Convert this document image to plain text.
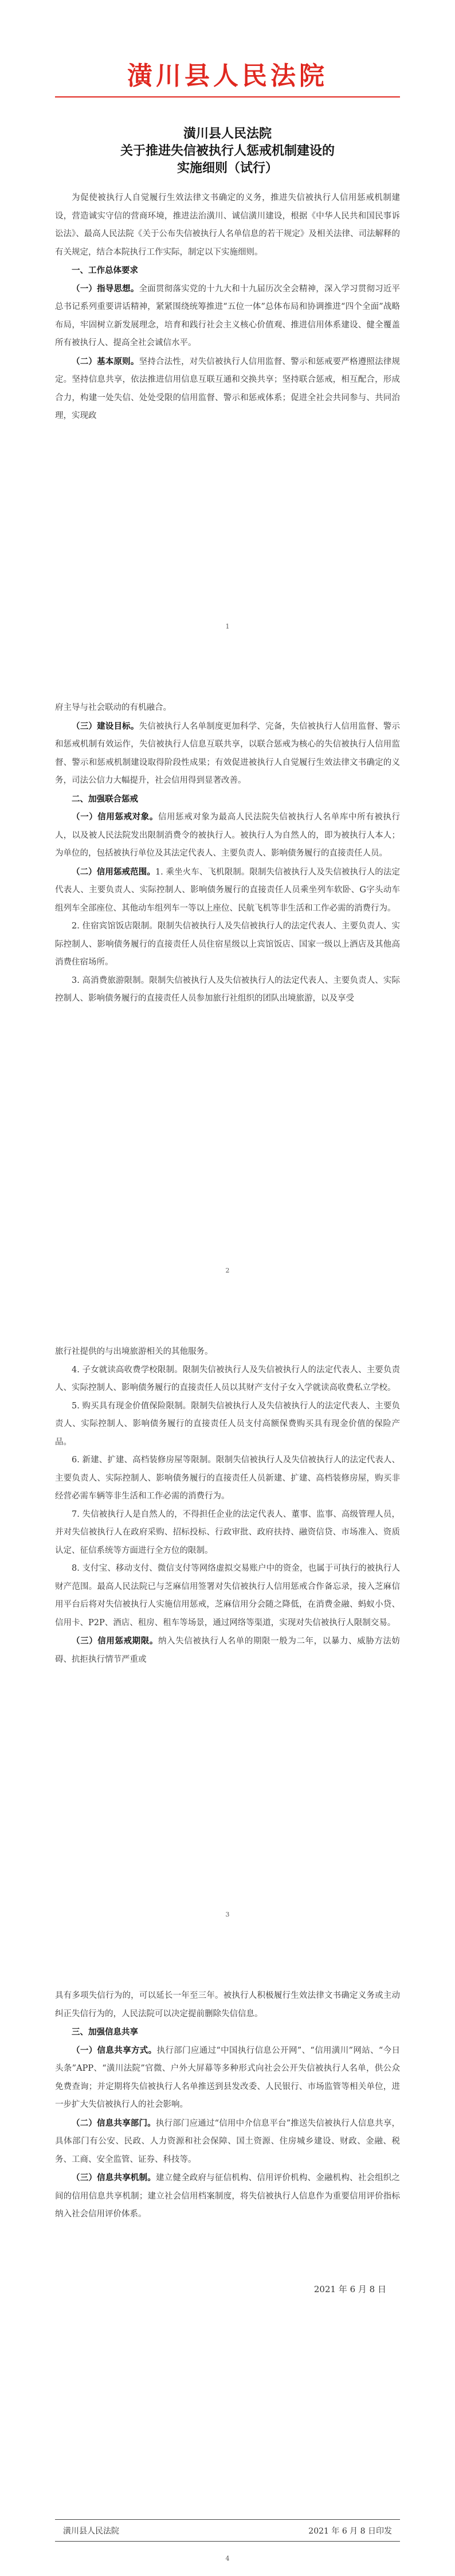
潢川县人民法院
潢川县人民法院
关于推进失信被执行人惩戒机制建设的
实施细则（试行）

为促使被执行人自觉履行生效法律文书确定的义务，推进失信被执行人信用惩戒机制建设，营造诚实守信的营商环境，推进法治潢川、诚信潢川建设，根据《中华人民共和国民事诉讼法》、最高人民法院《关于公布失信被执行人名单信息的若干规定》及相关法律、司法解释的有关规定，结合本院执行工作实际，制定以下实施细则。

一、工作总体要求

（一）指导思想。全面贯彻落实党的十九大和十九届历次全会精神，深入学习贯彻习近平总书记系列重要讲话精神，紧紧围绕统筹推进“五位一体”总体布局和协调推进“四个全面”战略布局，牢固树立新发展理念，培育和践行社会主义核心价值观、推进信用体系建设、健全覆盖所有被执行人、提高全社会诚信水平。

（二）基本原则。坚持合法性，对失信被执行人信用监督、警示和惩戒要严格遵照法律规定。坚持信息共享，依法推进信用信息互联互通和交换共享；坚持联合惩戒，相互配合，形成合力，构建一处失信、处处受限的信用监督、警示和惩戒体系；促进全社会共同参与、共同治理，实现政

1

府主导与社会联动的有机融合。

（三）建设目标。失信被执行人名单制度更加科学、完备，失信被执行人信用监督、警示和惩戒机制有效运作，失信被执行人信息互联共享，以联合惩戒为核心的失信被执行人信用监督、警示和惩戒机制建设取得阶段性成果；有效促进被执行人自觉履行生效法律文书确定的义务，司法公信力大幅提升，社会信用得到显著改善。

二、加强联合惩戒

（一）信用惩戒对象。信用惩戒对象为最高人民法院失信被执行人名单库中所有被执行人，以及被人民法院发出限制消费令的被执行人。被执行人为自然人的，即为被执行人本人；为单位的，包括被执行单位及其法定代表人、主要负责人、影响债务履行的直接责任人员。

（二）信用惩戒范围。1. 乘坐火车、飞机限制。限制失信被执行人及失信被执行人的法定代表人、主要负责人、实际控制人、影响债务履行的直接责任人员乘坐列车软卧、G字头动车组列车全部座位、其他动车组列车一等以上座位、民航飞机等非生活和工作必需的消费行为。

2. 住宿宾馆饭店限制。限制失信被执行人及失信被执行人的法定代表人、主要负责人、实际控制人、影响债务履行的直接责任人员住宿星级以上宾馆饭店、国家一级以上酒店及其他高消费住宿场所。

3. 高消费旅游限制。限制失信被执行人及失信被执行人的法定代表人、主要负责人、实际控制人、影响债务履行的直接责任人员参加旅行社组织的团队出境旅游，以及享受

2

旅行社提供的与出境旅游相关的其他服务。

4. 子女就读高收费学校限制。限制失信被执行人及失信被执行人的法定代表人、主要负责人、实际控制人、影响债务履行的直接责任人员以其财产支付子女入学就读高收费私立学校。

5. 购买具有现金价值保险限制。限制失信被执行人及失信被执行人的法定代表人、主要负责人、实际控制人、影响债务履行的直接责任人员支付高额保费购买具有现金价值的保险产品。

6. 新建、扩建、高档装修房屋等限制。限制失信被执行人及失信被执行人的法定代表人、主要负责人、实际控制人、影响债务履行的直接责任人员新建、扩建、高档装修房屋，购买非经营必需车辆等非生活和工作必需的消费行为。

7. 失信被执行人是自然人的，不得担任企业的法定代表人、董事、监事、高级管理人员，并对失信被执行人在政府采购、招标投标、行政审批、政府扶持、融资信贷、市场准入、资质认定、征信系统等方面进行全方位的限制。

8. 支付宝、移动支付、微信支付等网络虚拟交易账户中的资金，也属于可执行的被执行人财产范围。最高人民法院已与芝麻信用签署对失信被执行人信用惩戒合作备忘录，接入芝麻信用平台后将对失信被执行人实施信用惩戒，芝麻信用分会随之降低，在消费金融、蚂蚁小贷、信用卡、P2P、酒店、租房、租车等场景，通过网络等渠道，实现对失信被执行人限制交易。

（三）信用惩戒期限。纳入失信被执行人名单的期限一般为二年，以暴力、威胁方法妨碍、抗拒执行情节严重或

3

具有多项失信行为的，可以延长一年至三年。被执行人积极履行生效法律文书确定义务或主动纠正失信行为的，人民法院可以决定提前删除失信信息。

三、加强信息共享

（一）信息共享方式。执行部门应通过“中国执行信息公开网”、“信用潢川”网站、“今日头条”APP、“潢川法院”官微、户外大屏幕等多种形式向社会公开失信被执行人名单，供公众免费查询；并定期将失信被执行人名单推送到县发改委、人民银行、市场监管等相关单位，进一步扩大失信被执行人的社会影响。

（二）信息共享部门。执行部门应通过“信用中介信息平台”推送失信被执行人信息共享，具体部门有公安、民政、人力资源和社会保障、国土资源、住房城乡建设、财政、金融、税务、工商、安全监管、证券、科技等。

（三）信息共享机制。建立健全政府与征信机构、信用评价机构、金融机构、社会组织之间的信用信息共享机制；建立社会信用档案制度，将失信被执行人信息作为重要信用评价指标纳入社会信用评价体系。

2021 年 6 月 8 日
潢川县人民法院	2021 年 6 月 8 日印发
4
